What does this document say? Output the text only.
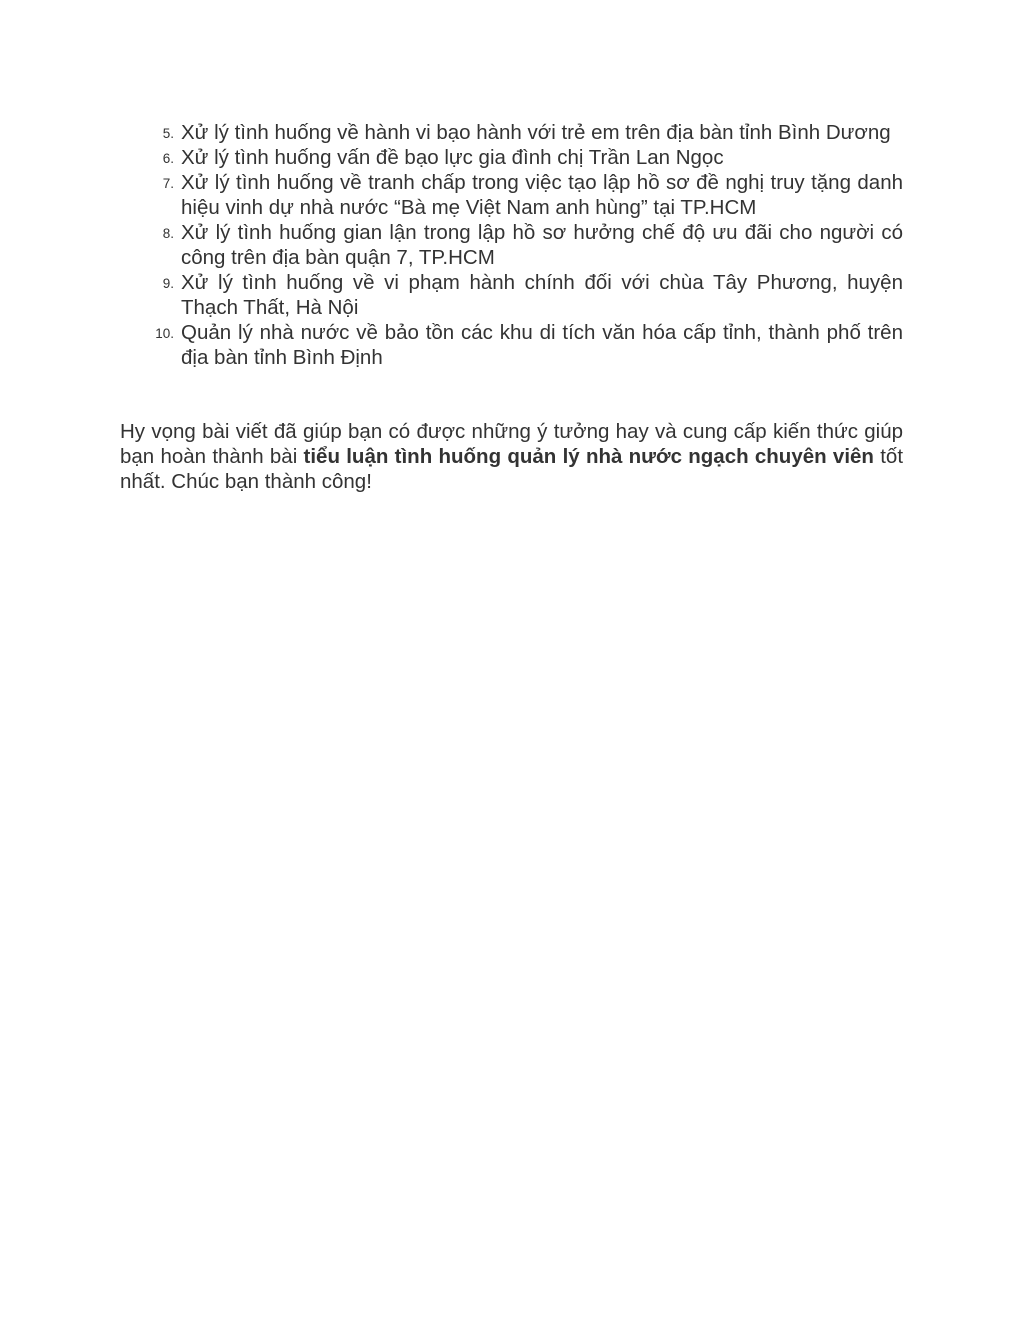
5. Xử lý tình huống về hành vi bạo hành với trẻ em trên địa bàn tỉnh Bình Dương
6. Xử lý tình huống vấn đề bạo lực gia đình chị Trần Lan Ngọc
7. Xử lý tình huống về tranh chấp trong việc tạo lập hồ sơ đề nghị truy tặng danh hiệu vinh dự nhà nước “Bà mẹ Việt Nam anh hùng” tại TP.HCM
8. Xử lý tình huống gian lận trong lập hồ sơ hưởng chế độ ưu đãi cho người có công trên địa bàn quận 7, TP.HCM
9. Xử lý tình huống về vi phạm hành chính đối với chùa Tây Phương, huyện Thạch Thất, Hà Nội
10. Quản lý nhà nước về bảo tồn các khu di tích văn hóa cấp tỉnh, thành phố trên địa bàn tỉnh Bình Định

Hy vọng bài viết đã giúp bạn có được những ý tưởng hay và cung cấp kiến thức giúp bạn hoàn thành bài tiểu luận tình huống quản lý nhà nước ngạch chuyên viên tốt nhất. Chúc bạn thành công!
